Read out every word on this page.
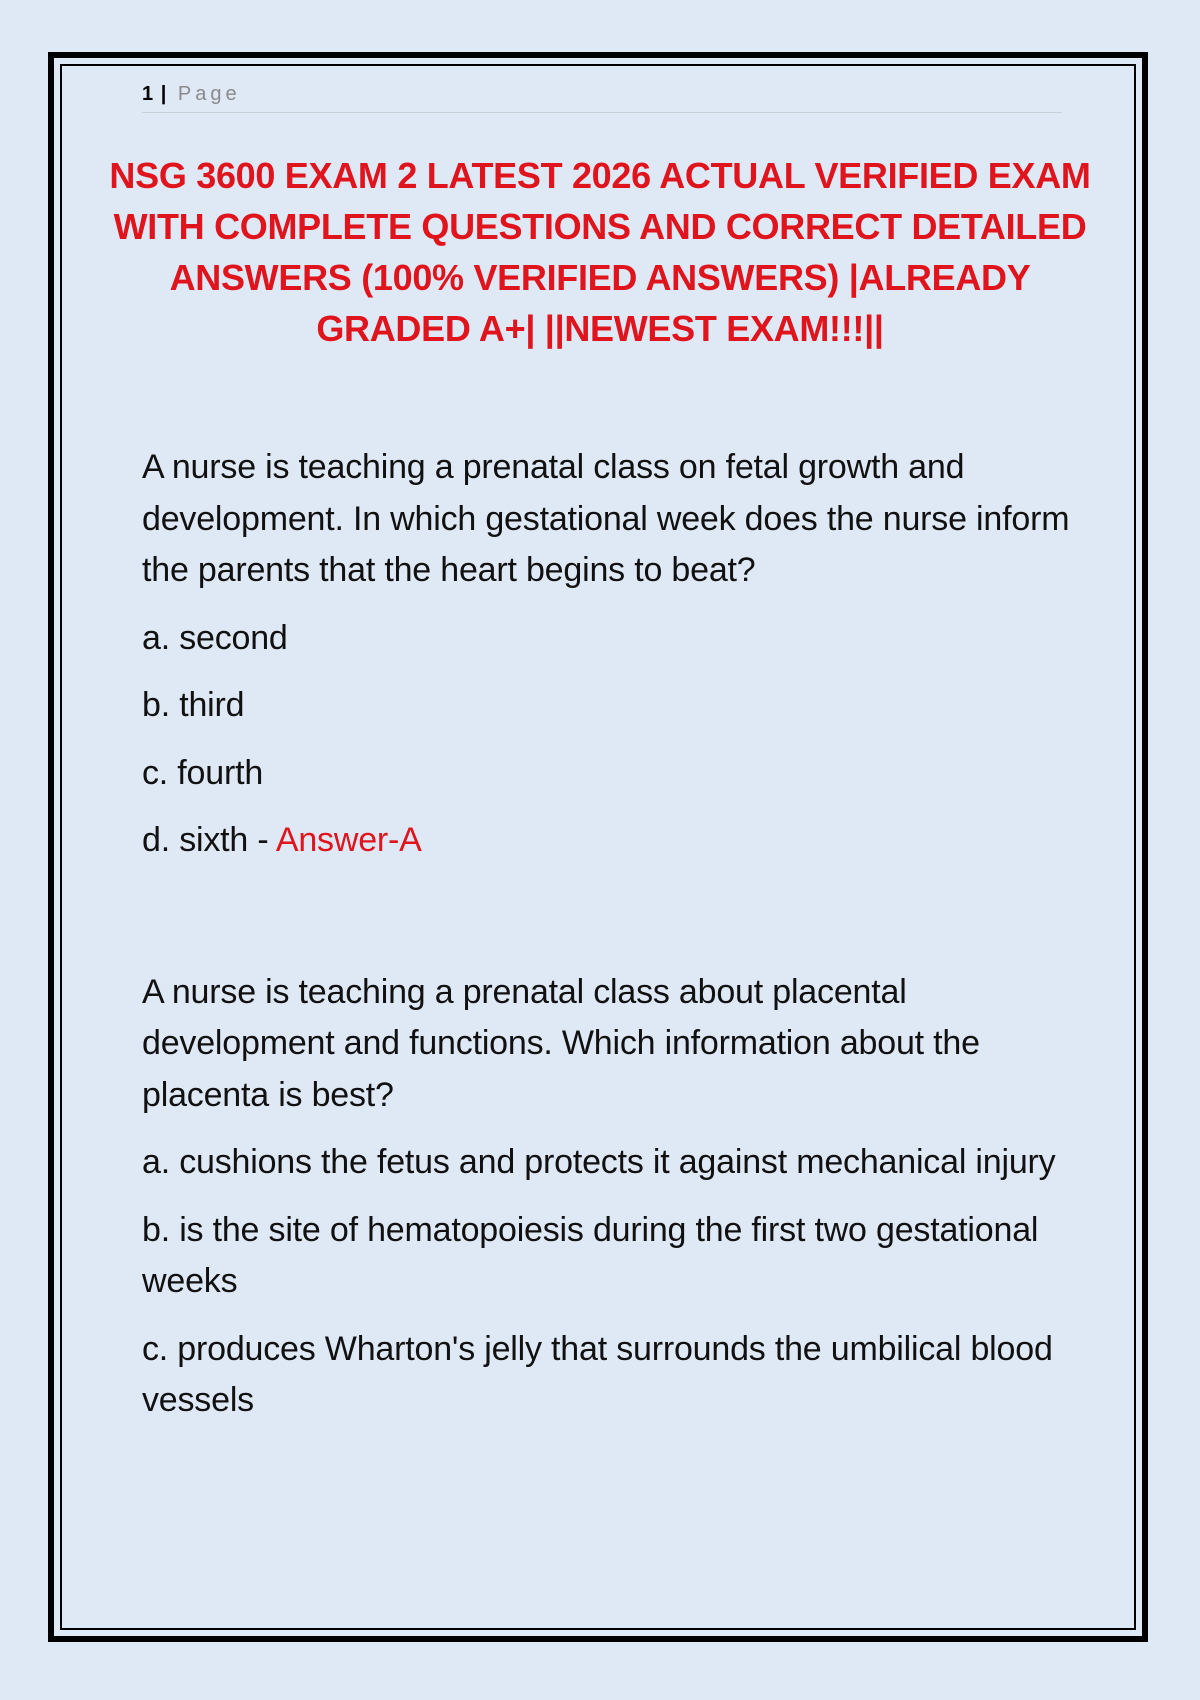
1 | Page
NSG 3600 EXAM 2 LATEST 2026 ACTUAL VERIFIED EXAM WITH COMPLETE QUESTIONS AND CORRECT DETAILED ANSWERS (100% VERIFIED ANSWERS) |ALREADY GRADED A+| ||NEWEST EXAM!!!||

A nurse is teaching a prenatal class on fetal growth and development. In which gestational week does the nurse inform the parents that the heart begins to beat?

a. second

b. third

c. fourth

d. sixth - Answer-A

A nurse is teaching a prenatal class about placental development and functions. Which information about the placenta is best?

a. cushions the fetus and protects it against mechanical injury

b. is the site of hematopoiesis during the first two gestational weeks

c. produces Wharton's jelly that surrounds the umbilical blood vessels
